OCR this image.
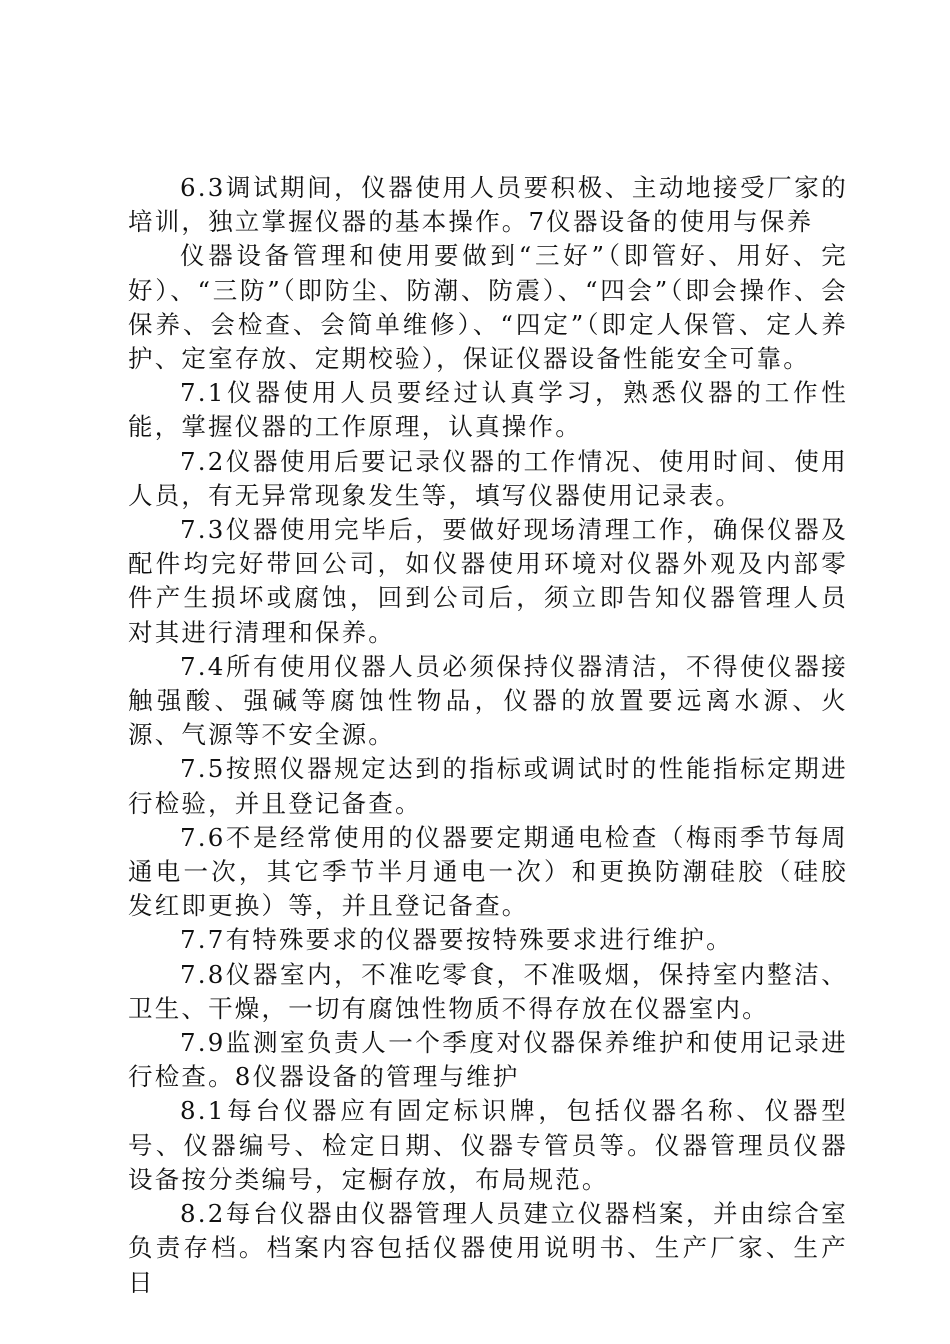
6.3调试期间，仪器使用人员要积极、主动地接受厂家的培训，独立掌握仪器的基本操作。7仪器设备的使用与保养

仪器设备管理和使用要做到“三好”（即管好、用好、完好）、“三防”（即防尘、防潮、防震）、“四会”（即会操作、会保养、会检查、会简单维修）、“四定”（即定人保管、定人养护、定室存放、定期校验），保证仪器设备性能安全可靠。

7.1仪器使用人员要经过认真学习，熟悉仪器的工作性能，掌握仪器的工作原理，认真操作。

7.2仪器使用后要记录仪器的工作情况、使用时间、使用人员，有无异常现象发生等，填写仪器使用记录表。

7.3仪器使用完毕后，要做好现场清理工作，确保仪器及配件均完好带回公司，如仪器使用环境对仪器外观及内部零件产生损坏或腐蚀，回到公司后，须立即告知仪器管理人员对其进行清理和保养。

7.4所有使用仪器人员必须保持仪器清洁，不得使仪器接触强酸、强碱等腐蚀性物品，仪器的放置要远离水源、火源、气源等不安全源。

7.5按照仪器规定达到的指标或调试时的性能指标定期进行检验，并且登记备查。

7.6不是经常使用的仪器要定期通电检查（梅雨季节每周通电一次，其它季节半月通电一次）和更换防潮硅胶（硅胶发红即更换）等，并且登记备查。

7.7有特殊要求的仪器要按特殊要求进行维护。

7.8仪器室内，不准吃零食，不准吸烟，保持室内整洁、卫生、干燥，一切有腐蚀性物质不得存放在仪器室内。

7.9监测室负责人一个季度对仪器保养维护和使用记录进行检查。8仪器设备的管理与维护

8.1每台仪器应有固定标识牌，包括仪器名称、仪器型号、仪器编号、检定日期、仪器专管员等。仪器管理员仪器设备按分类编号，定橱存放，布局规范。

8.2每台仪器由仪器管理人员建立仪器档案，并由综合室负责存档。档案内容包括仪器使用说明书、生产厂家、生产日
